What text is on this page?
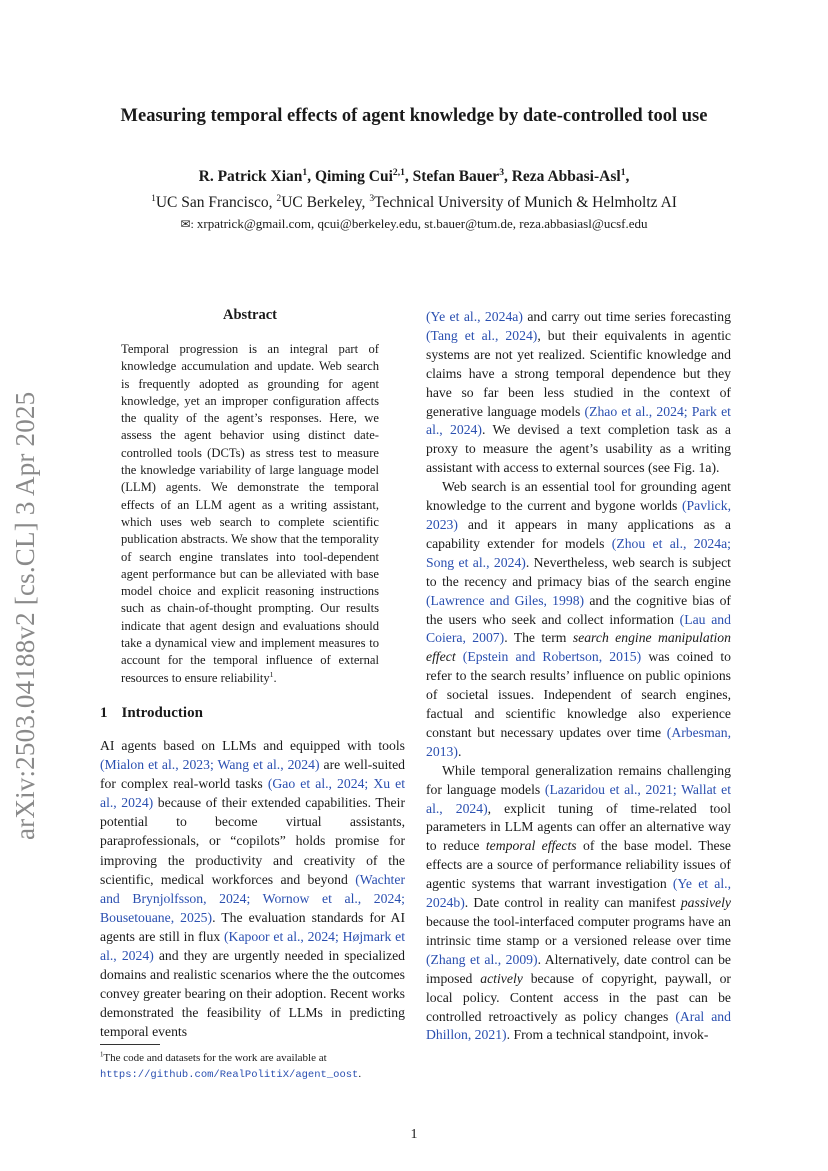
arXiv:2503.04188v2 [cs.CL] 3 Apr 2025
Measuring temporal effects of agent knowledge by date-controlled tool use
R. Patrick Xian$^1$, Qiming Cui$^{2,1}$, Stefan Bauer$^3$, Reza Abbasi-Asl$^1$,
$^1$UC San Francisco, $^2$UC Berkeley, $^3$Technical University of Munich & Helmholtz AI
✉: xrpatrick@gmail.com, qcui@berkeley.edu, st.bauer@tum.de, reza.abbasiasl@ucsf.edu
Abstract
Temporal progression is an integral part of knowledge accumulation and update. Web search is frequently adopted as grounding for agent knowledge, yet an improper configuration affects the quality of the agent’s responses. Here, we assess the agent behavior using distinct date-controlled tools (DCTs) as stress test to measure the knowledge variability of large language model (LLM) agents. We demonstrate the temporal effects of an LLM agent as a writing assistant, which uses web search to complete scientific publication abstracts. We show that the temporality of search engine translates into tool-dependent agent performance but can be alleviated with base model choice and explicit reasoning instructions such as chain-of-thought prompting. Our results indicate that agent design and evaluations should take a dynamical view and implement measures to account for the temporal influence of external resources to ensure reliability$^1$.
1 Introduction

AI agents based on LLMs and equipped with tools (Mialon et al., 2023; Wang et al., 2024) are well-suited for complex real-world tasks (Gao et al., 2024; Xu et al., 2024) because of their extended capabilities. Their potential to become virtual assistants, paraprofessionals, or “copilots” holds promise for improving the productivity and creativity of the scientific, medical workforces and beyond (Wachter and Brynjolfsson, 2024; Wornow et al., 2024; Bousetouane, 2025). The evaluation standards for AI agents are still in flux (Kapoor et al., 2024; Højmark et al., 2024) and they are urgently needed in specialized domains and realistic scenarios where the the outcomes convey greater bearing on their adoption. Recent works demonstrated the feasibility of LLMs in predicting temporal events

$^1$The code and datasets for the work are available at https://github.com/RealPolitiX/agent_oost.

(Ye et al., 2024a) and carry out time series forecasting (Tang et al., 2024), but their equivalents in agentic systems are not yet realized. Scientific knowledge and claims have a strong temporal dependence but they have so far been less studied in the context of generative language models (Zhao et al., 2024; Park et al., 2024). We devised a text completion task as a proxy to measure the agent’s usability as a writing assistant with access to external sources (see Fig. 1a).

Web search is an essential tool for grounding agent knowledge to the current and bygone worlds (Pavlick, 2023) and it appears in many applications as a capability extender for models (Zhou et al., 2024a; Song et al., 2024). Nevertheless, web search is subject to the recency and primacy bias of the search engine (Lawrence and Giles, 1998) and the cognitive bias of the users who seek and collect information (Lau and Coiera, 2007). The term search engine manipulation effect (Epstein and Robertson, 2015) was coined to refer to the search results’ influence on public opinions of societal issues. Independent of search engines, factual and scientific knowledge also experience constant but necessary updates over time (Arbesman, 2013).

While temporal generalization remains challenging for language models (Lazaridou et al., 2021; Wallat et al., 2024), explicit tuning of time-related tool parameters in LLM agents can offer an alternative way to reduce temporal effects of the base model. These effects are a source of performance reliability issues of agentic systems that warrant investigation (Ye et al., 2024b). Date control in reality can manifest passively because the tool-interfaced computer programs have an intrinsic time stamp or a versioned release over time (Zhang et al., 2009). Alternatively, date control can be imposed actively because of copyright, paywall, or local policy. Content access in the past can be controlled retroactively as policy changes (Aral and Dhillon, 2021). From a technical standpoint, invok-

1
